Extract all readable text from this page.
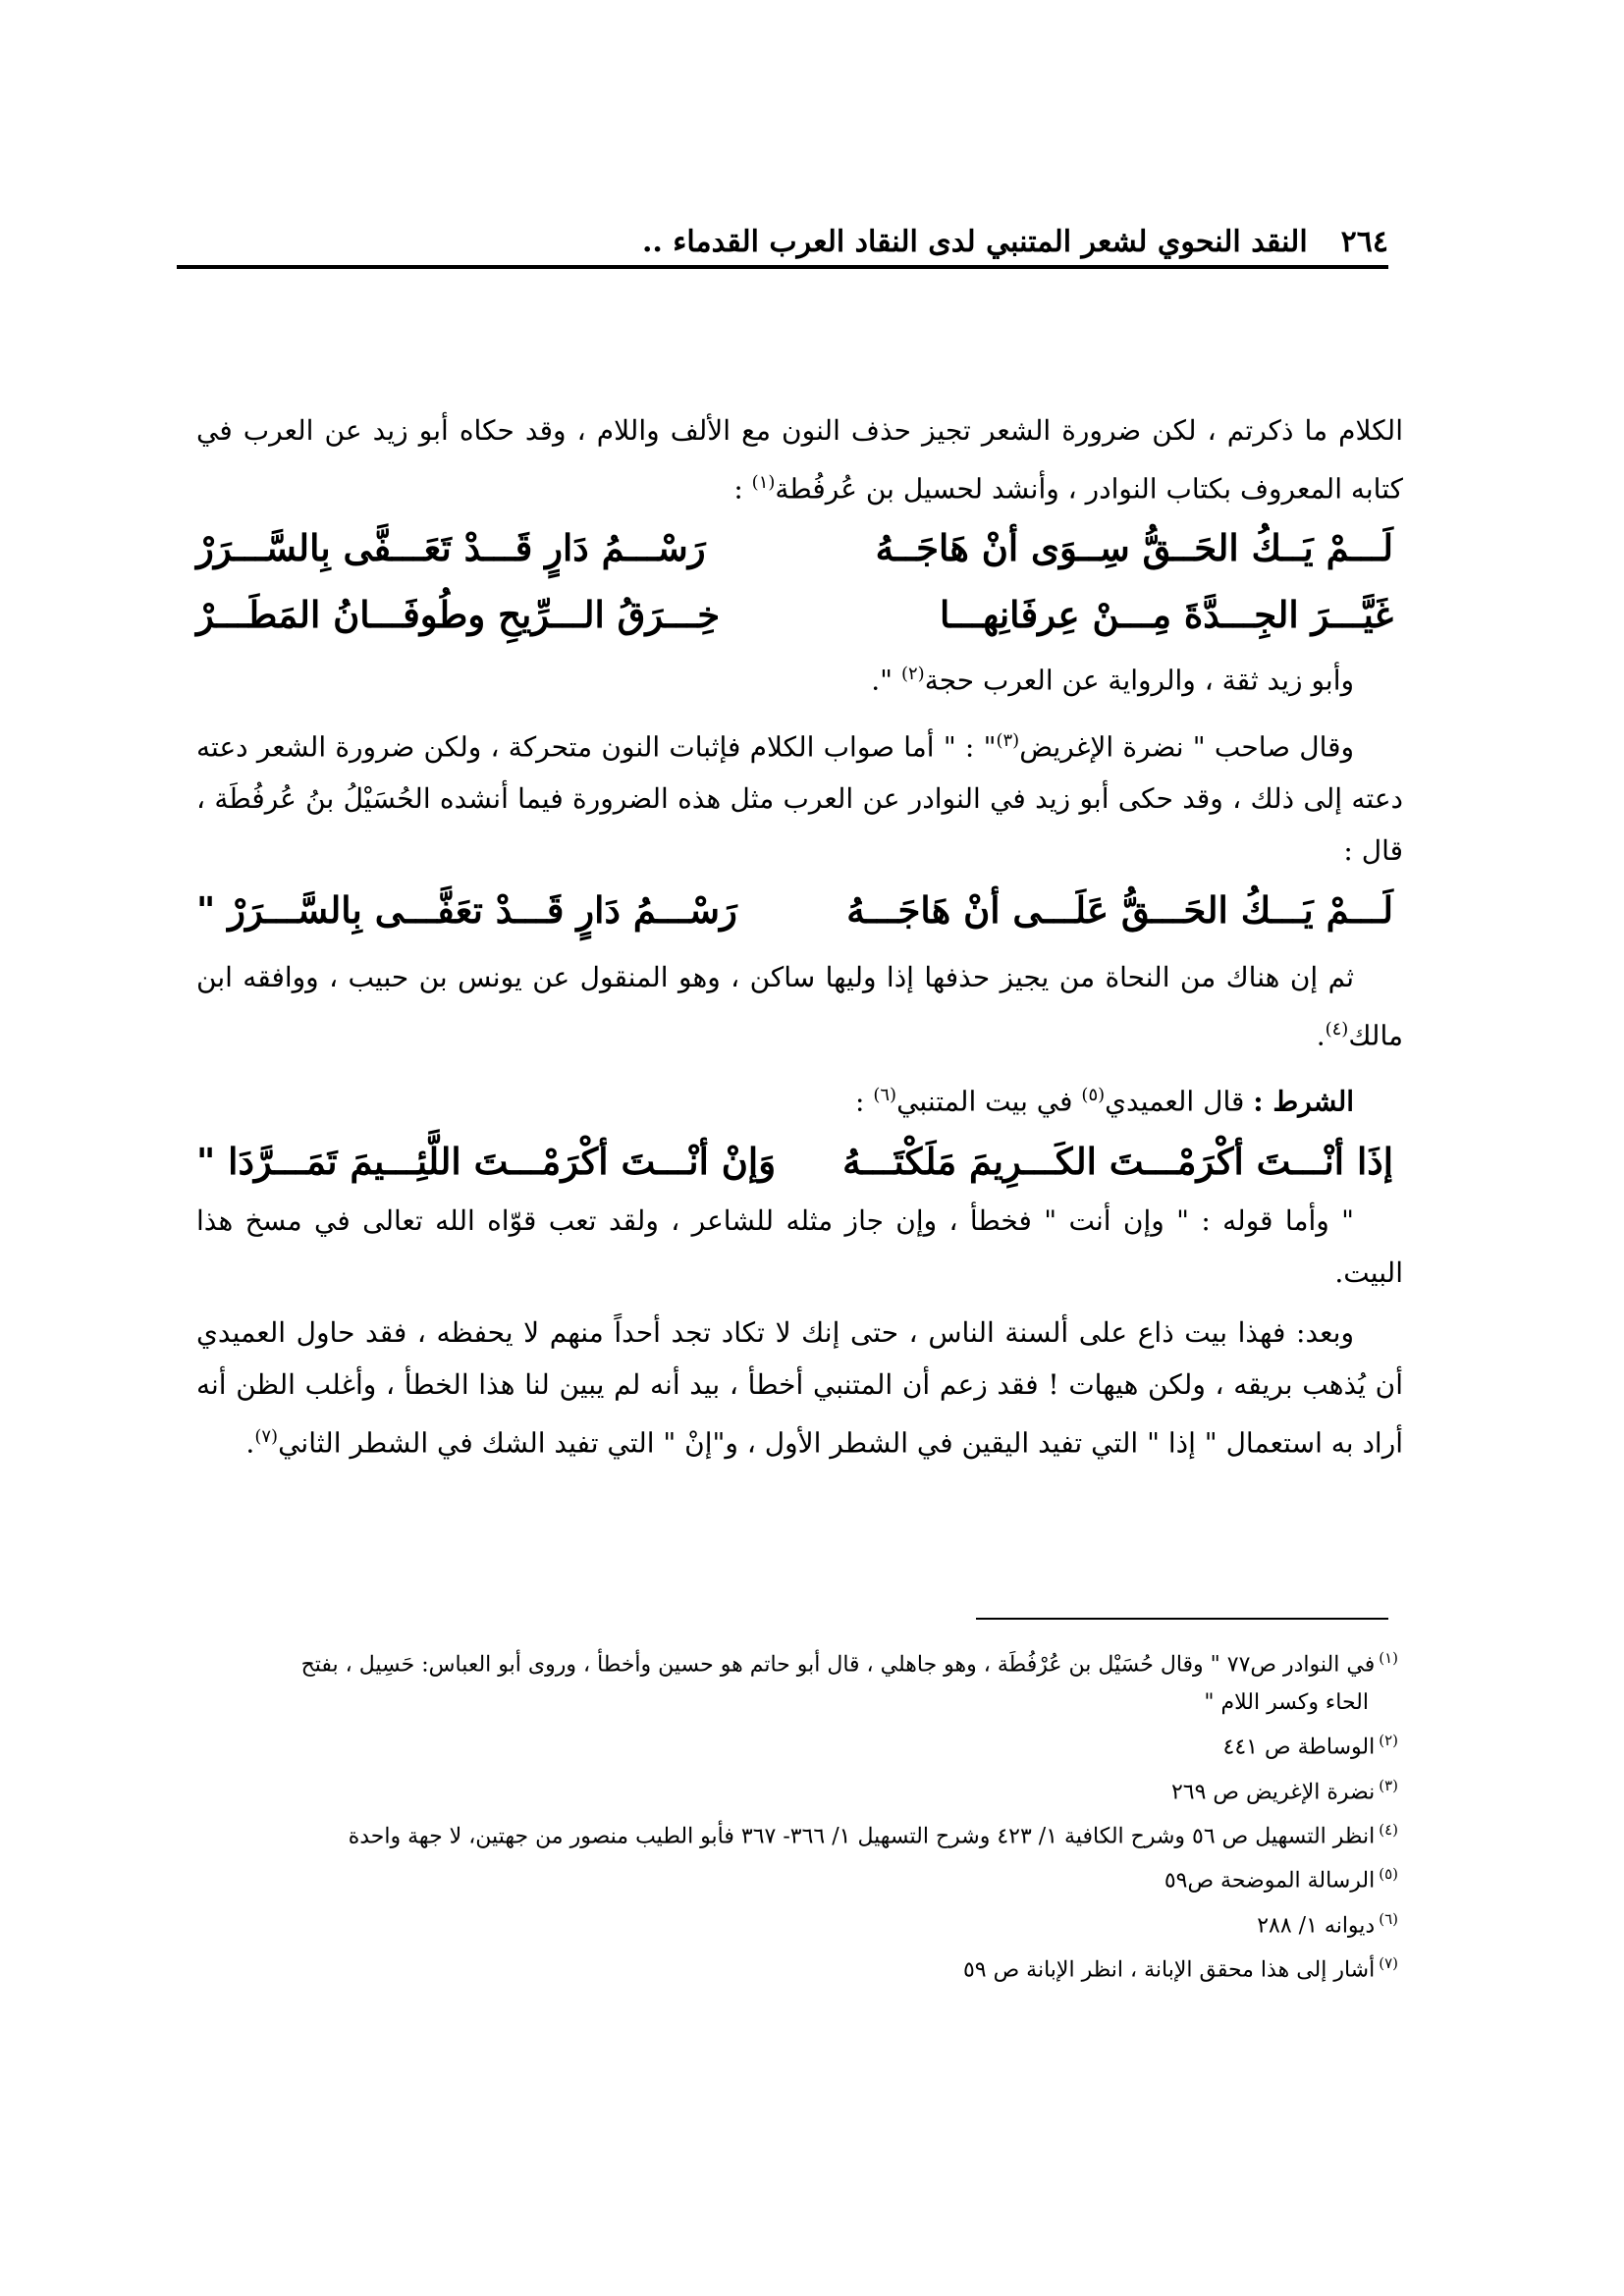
٢٦٤
النقد النحوي لشعر المتنبي لدى النقاد العرب القدماء ..

الكلام ما ذكرتم ، لكن ضرورة الشعر تجيز حذف النون مع الألف واللام ، وقد حكاه أبو زيد عن العرب في كتابه المعروف بكتاب النوادر ، وأنشد لحسيل بن عُرفُطة$^{(١)}$ :

لَـــمْ يَــكُ الحَــقُّ سِــوَى أنْ هَاجَــهُ
رَسْـــمُ دَارٍ قَـــدْ تَعَـــفَّى بِالسَّـــرَرْ
غَيَّـــرَ الجِـــدَّةَ مِـــنْ عِرفَانِهـــا
خِـــرَقُ الـــرِّيحِ وطُوفَـــانُ المَطَـــرْ

وأبو زيد ثقة ، والرواية عن العرب حجة$^{(٢)}$ ".

وقال صاحب " نضرة الإغريض$^{(٣)}$" : " أما صواب الكلام فإثبات النون متحركة ، ولكن ضرورة الشعر دعته دعته إلى ذلك ، وقد حكى أبو زيد في النوادر عن العرب مثل هذه الضرورة فيما أنشده الحُسَيْلُ بنُ عُرفُطَة ، قال :

لَـــمْ يَـــكُ الحَـــقُّ عَلَـــى أنْ هَاجَـــهُ
رَسْـــمُ دَارٍ قَـــدْ تعَفَّـــى بِالسَّـــرَرْ "

ثم إن هناك من النحاة من يجيز حذفها إذا وليها ساكن ، وهو المنقول عن يونس بن حبيب ، ووافقه ابن مالك$^{(٤)}$.

الشرط : قال العميدي$^{(٥)}$ في بيت المتنبي$^{(٦)}$ :

إذَا أنْـــتَ أكْرَمْـــتَ الكَـــرِيمَ مَلَكْتَـــهُ
وَإنْ أنْـــتَ أكْرَمْـــتَ اللَّئِـــيمَ تَمَـــرَّدَا "

" وأما قوله : " وإن أنت " فخطأ ، وإن جاز مثله للشاعر ، ولقد تعب قوّاه الله تعالى في مسخ هذا البيت.

وبعد: فهذا بيت ذاع على ألسنة الناس ، حتى إنك لا تكاد تجد أحداً منهم لا يحفظه ، فقد حاول العميدي أن يُذهب بريقه ، ولكن هيهات ! فقد زعم أن المتنبي أخطأ ، بيد أنه لم يبين لنا هذا الخطأ ، وأغلب الظن أنه أراد به استعمال " إذا " التي تفيد اليقين في الشطر الأول ، و"إنْ " التي تفيد الشك في الشطر الثاني$^{(٧)}$.

$^{(١)}$في النوادر ص٧٧ " وقال حُسَيْل بن عُرْفُطَة ، وهو جاهلي ، قال أبو حاتم هو حسين وأخطأ ، وروى أبو العباس: حَسِيل ، بفتح

الحاء وكسر اللام "

$^{(٢)}$الوساطة ص ٤٤١

$^{(٣)}$نضرة الإغريض ص ٢٦٩

$^{(٤)}$انظر التسهيل ص ٥٦ وشرح الكافية ١/ ٤٢٣ وشرح التسهيل ١/ ٣٦٦- ٣٦٧ فأبو الطيب منصور من جهتين، لا جهة واحدة

$^{(٥)}$الرسالة الموضحة ص٥٩

$^{(٦)}$ديوانه ١/ ٢٨٨

$^{(٧)}$أشار إلى هذا محقق الإبانة ، انظر الإبانة ص ٥٩
